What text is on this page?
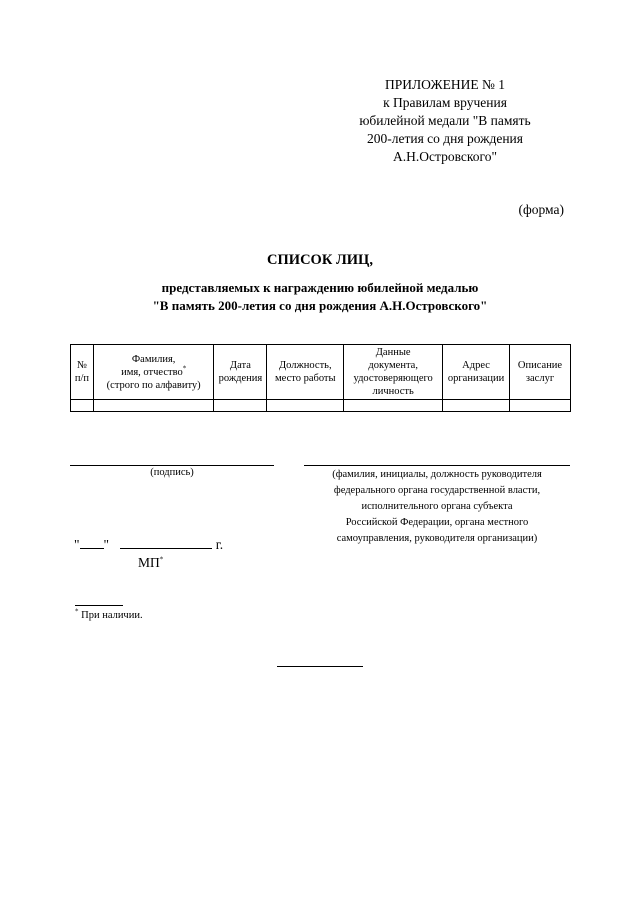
ПРИЛОЖЕНИЕ № 1
к Правилам вручения
юбилейной медали "В память
200-летия со дня рождения
А.Н.Островского"
(форма)
СПИСОК ЛИЦ,
представляемых к награждению юбилейной медалью
"В память 200-летия со дня рождения А.Н.Островского"
№
п/п	Фамилия,
имя, отчество*
(строго по алфавиту)	Дата
рождения	Должность,
место работы	Данные
документа,
удостоверяющего
личность	Адрес
организации	Описание
заслуг

(подпись)	(фамилия, инициалы, должность руководителя
федерального органа государственной власти,
исполнительного органа субъекта
Российской Федерации, органа местного
самоуправления, руководителя организации)
" "	г.
МП*
* При наличии.
